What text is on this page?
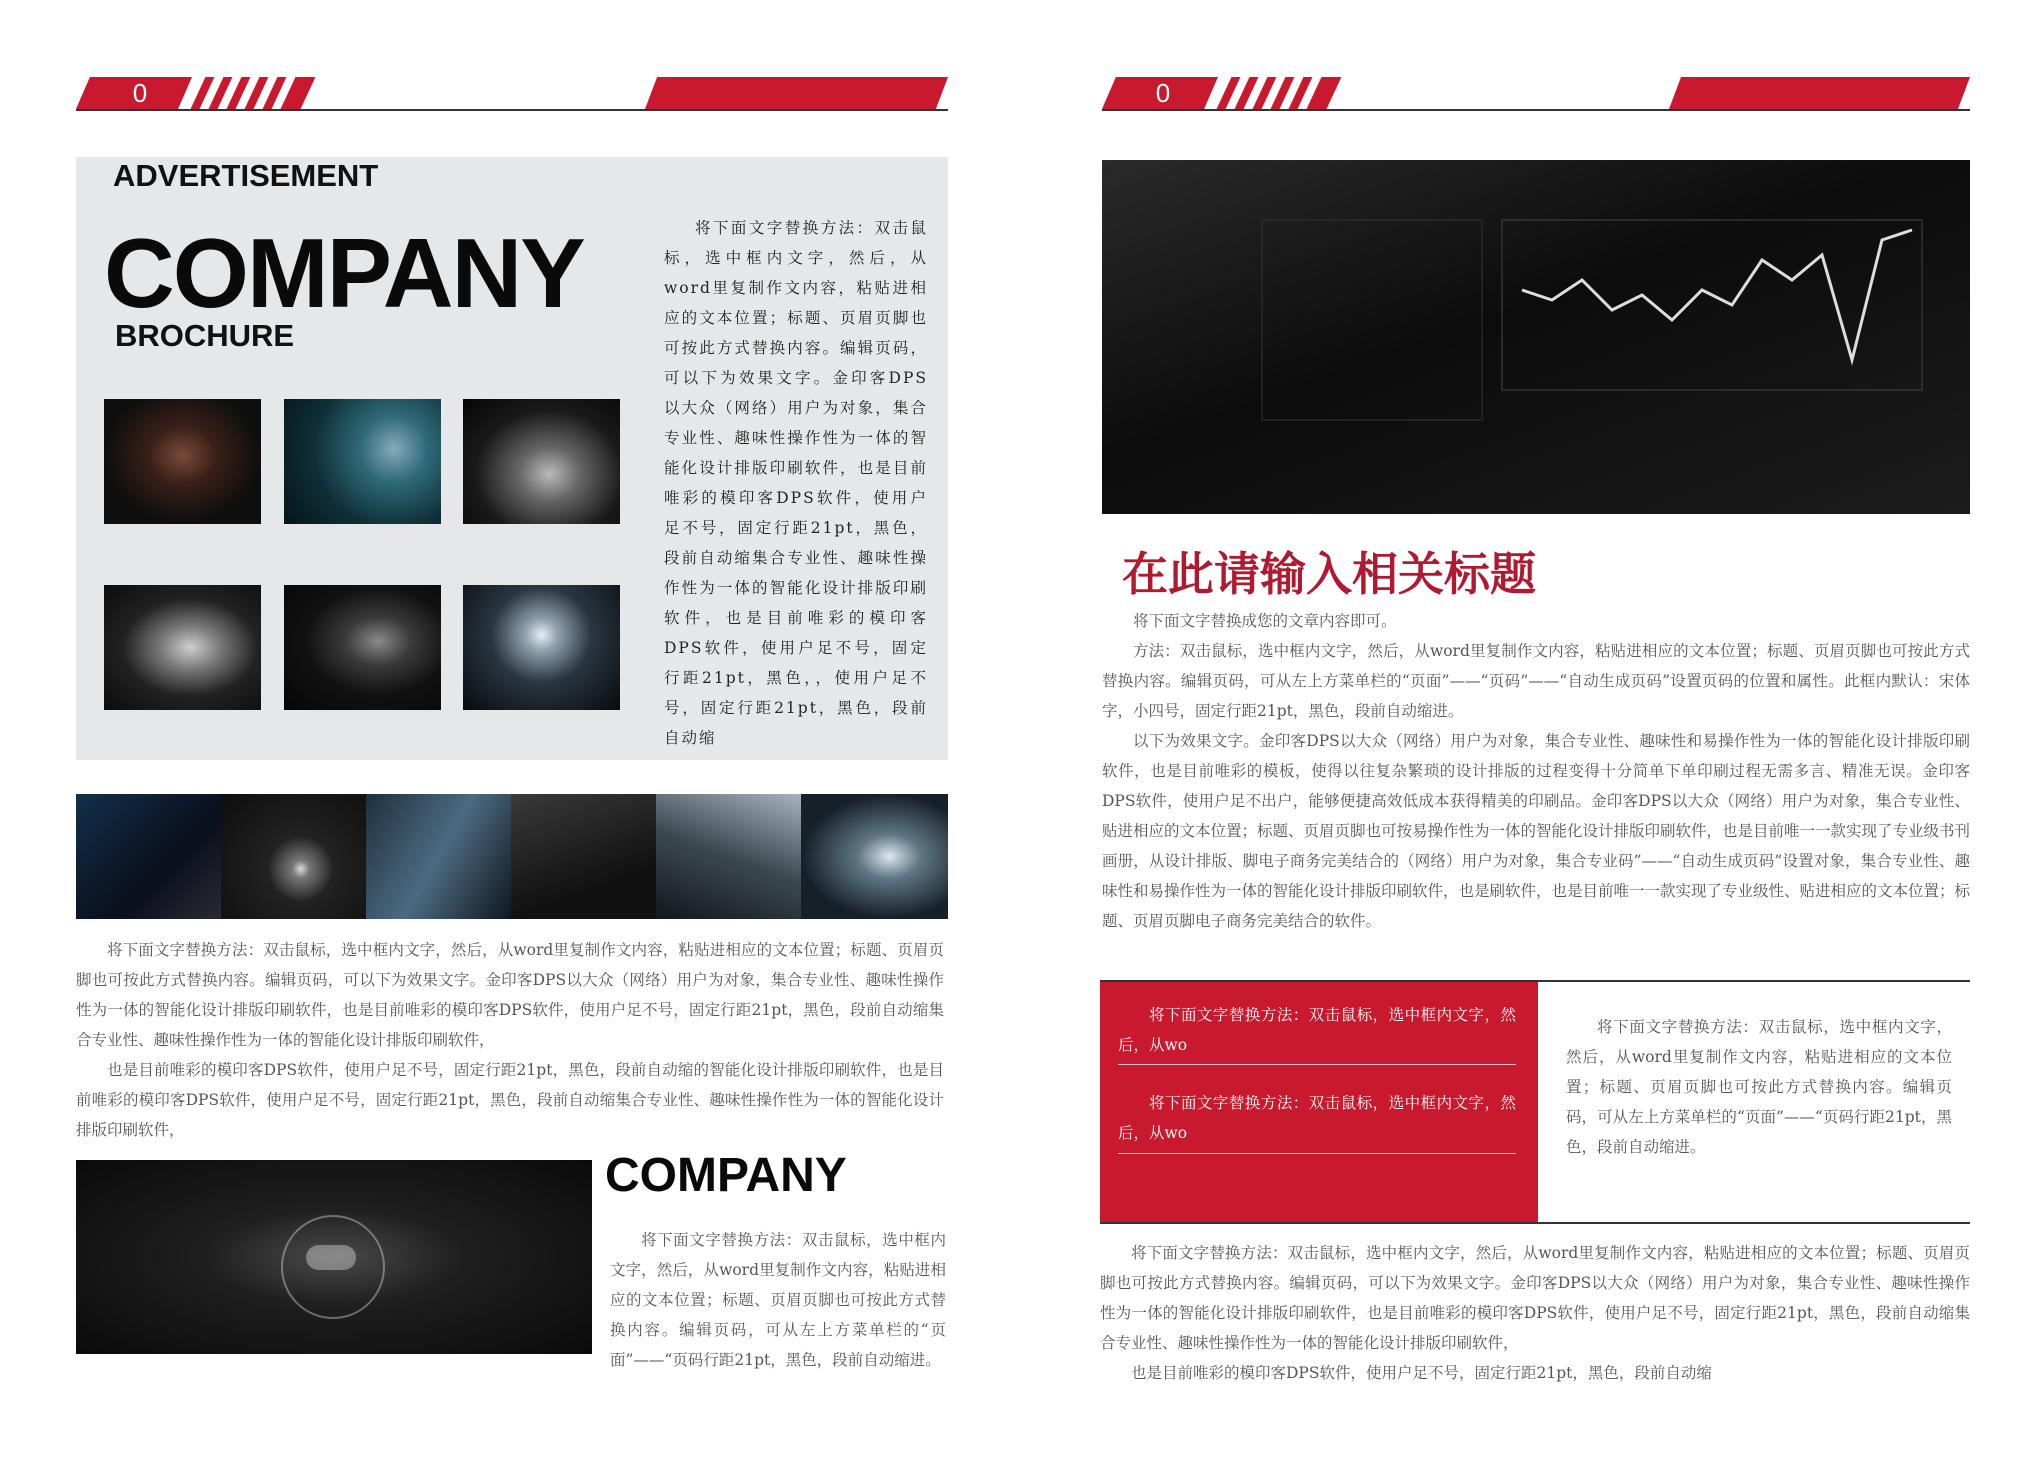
0
ADVERTISEMENT
COMPANY
BROCHURE
将下面文字替换方法：双击鼠标，选中框内文字，然后，从word里复制作文内容，粘贴进相应的文本位置；标题、页眉页脚也可按此方式替换内容。编辑页码，可以下为效果文字。金印客DPS以大众（网络）用户为对象，集合专业性、趣味性操作性为一体的智能化设计排版印刷软件，也是目前唯彩的模印客DPS软件，使用户足不号，固定行距21pt，黑色，段前自动缩集合专业性、趣味性操作性为一体的智能化设计排版印刷软件，也是目前唯彩的模印客DPS软件，使用户足不号，固定行距21pt，黑色，，使用户足不号，固定行距21pt，黑色，段前自动缩

将下面文字替换方法：双击鼠标，选中框内文字，然后，从word里复制作文内容，粘贴进相应的文本位置；标题、页眉页脚也可按此方式替换内容。编辑页码，可以下为效果文字。金印客DPS以大众（网络）用户为对象，集合专业性、趣味性操作性为一体的智能化设计排版印刷软件，也是目前唯彩的模印客DPS软件，使用户足不号，固定行距21pt，黑色，段前自动缩集合专业性、趣味性操作性为一体的智能化设计排版印刷软件，

也是目前唯彩的模印客DPS软件，使用户足不号，固定行距21pt，黑色，段前自动缩的智能化设计排版印刷软件，也是目前唯彩的模印客DPS软件，使用户足不号，固定行距21pt，黑色，段前自动缩集合专业性、趣味性操作性为一体的智能化设计排版印刷软件，

COMPANY

将下面文字替换方法：双击鼠标，选中框内文字，然后，从word里复制作文内容，粘贴进相应的文本位置；标题、页眉页脚也可按此方式替换内容。编辑页码，可从左上方菜单栏的“页面”——“页码行距21pt，黑色，段前自动缩进。

0
在此请输入相关标题

将下面文字替换成您的文章内容即可。

方法：双击鼠标，选中框内文字，然后，从word里复制作文内容，粘贴进相应的文本位置；标题、页眉页脚也可按此方式替换内容。编辑页码，可从左上方菜单栏的“页面”——“页码”——“自动生成页码”设置页码的位置和属性。此框内默认：宋体字，小四号，固定行距21pt，黑色，段前自动缩进。

以下为效果文字。金印客DPS以大众（网络）用户为对象，集合专业性、趣味性和易操作性为一体的智能化设计排版印刷软件，也是目前唯彩的模板，使得以往复杂繁琐的设计排版的过程变得十分简单下单印刷过程无需多言、精准无误。金印客DPS软件，使用户足不出户，能够便捷高效低成本获得精美的印刷品。金印客DPS以大众（网络）用户为对象，集合专业性、贴进相应的文本位置；标题、页眉页脚也可按易操作性为一体的智能化设计排版印刷软件，也是目前唯一一款实现了专业级书刊画册，从设计排版、脚电子商务完美结合的（网络）用户为对象，集合专业码”——“自动生成页码”设置对象，集合专业性、趣味性和易操作性为一体的智能化设计排版印刷软件，也是刷软件，也是目前唯一一款实现了专业级性、贴进相应的文本位置；标题、页眉页脚电子商务完美结合的软件。

将下面文字替换方法：双击鼠标，选中框内文字，然后，从wo

将下面文字替换方法：双击鼠标，选中框内文字，然后，从wo

将下面文字替换方法：双击鼠标，选中框内文字，然后，从word里复制作文内容，粘贴进相应的文本位置；标题、页眉页脚也可按此方式替换内容。编辑页码，可从左上方菜单栏的“页面”——“页码行距21pt，黑色，段前自动缩进。

将下面文字替换方法：双击鼠标，选中框内文字，然后，从word里复制作文内容，粘贴进相应的文本位置；标题、页眉页脚也可按此方式替换内容。编辑页码，可以下为效果文字。金印客DPS以大众（网络）用户为对象，集合专业性、趣味性操作性为一体的智能化设计排版印刷软件，也是目前唯彩的模印客DPS软件，使用户足不号，固定行距21pt，黑色，段前自动缩集合专业性、趣味性操作性为一体的智能化设计排版印刷软件，

也是目前唯彩的模印客DPS软件，使用户足不号，固定行距21pt，黑色，段前自动缩
